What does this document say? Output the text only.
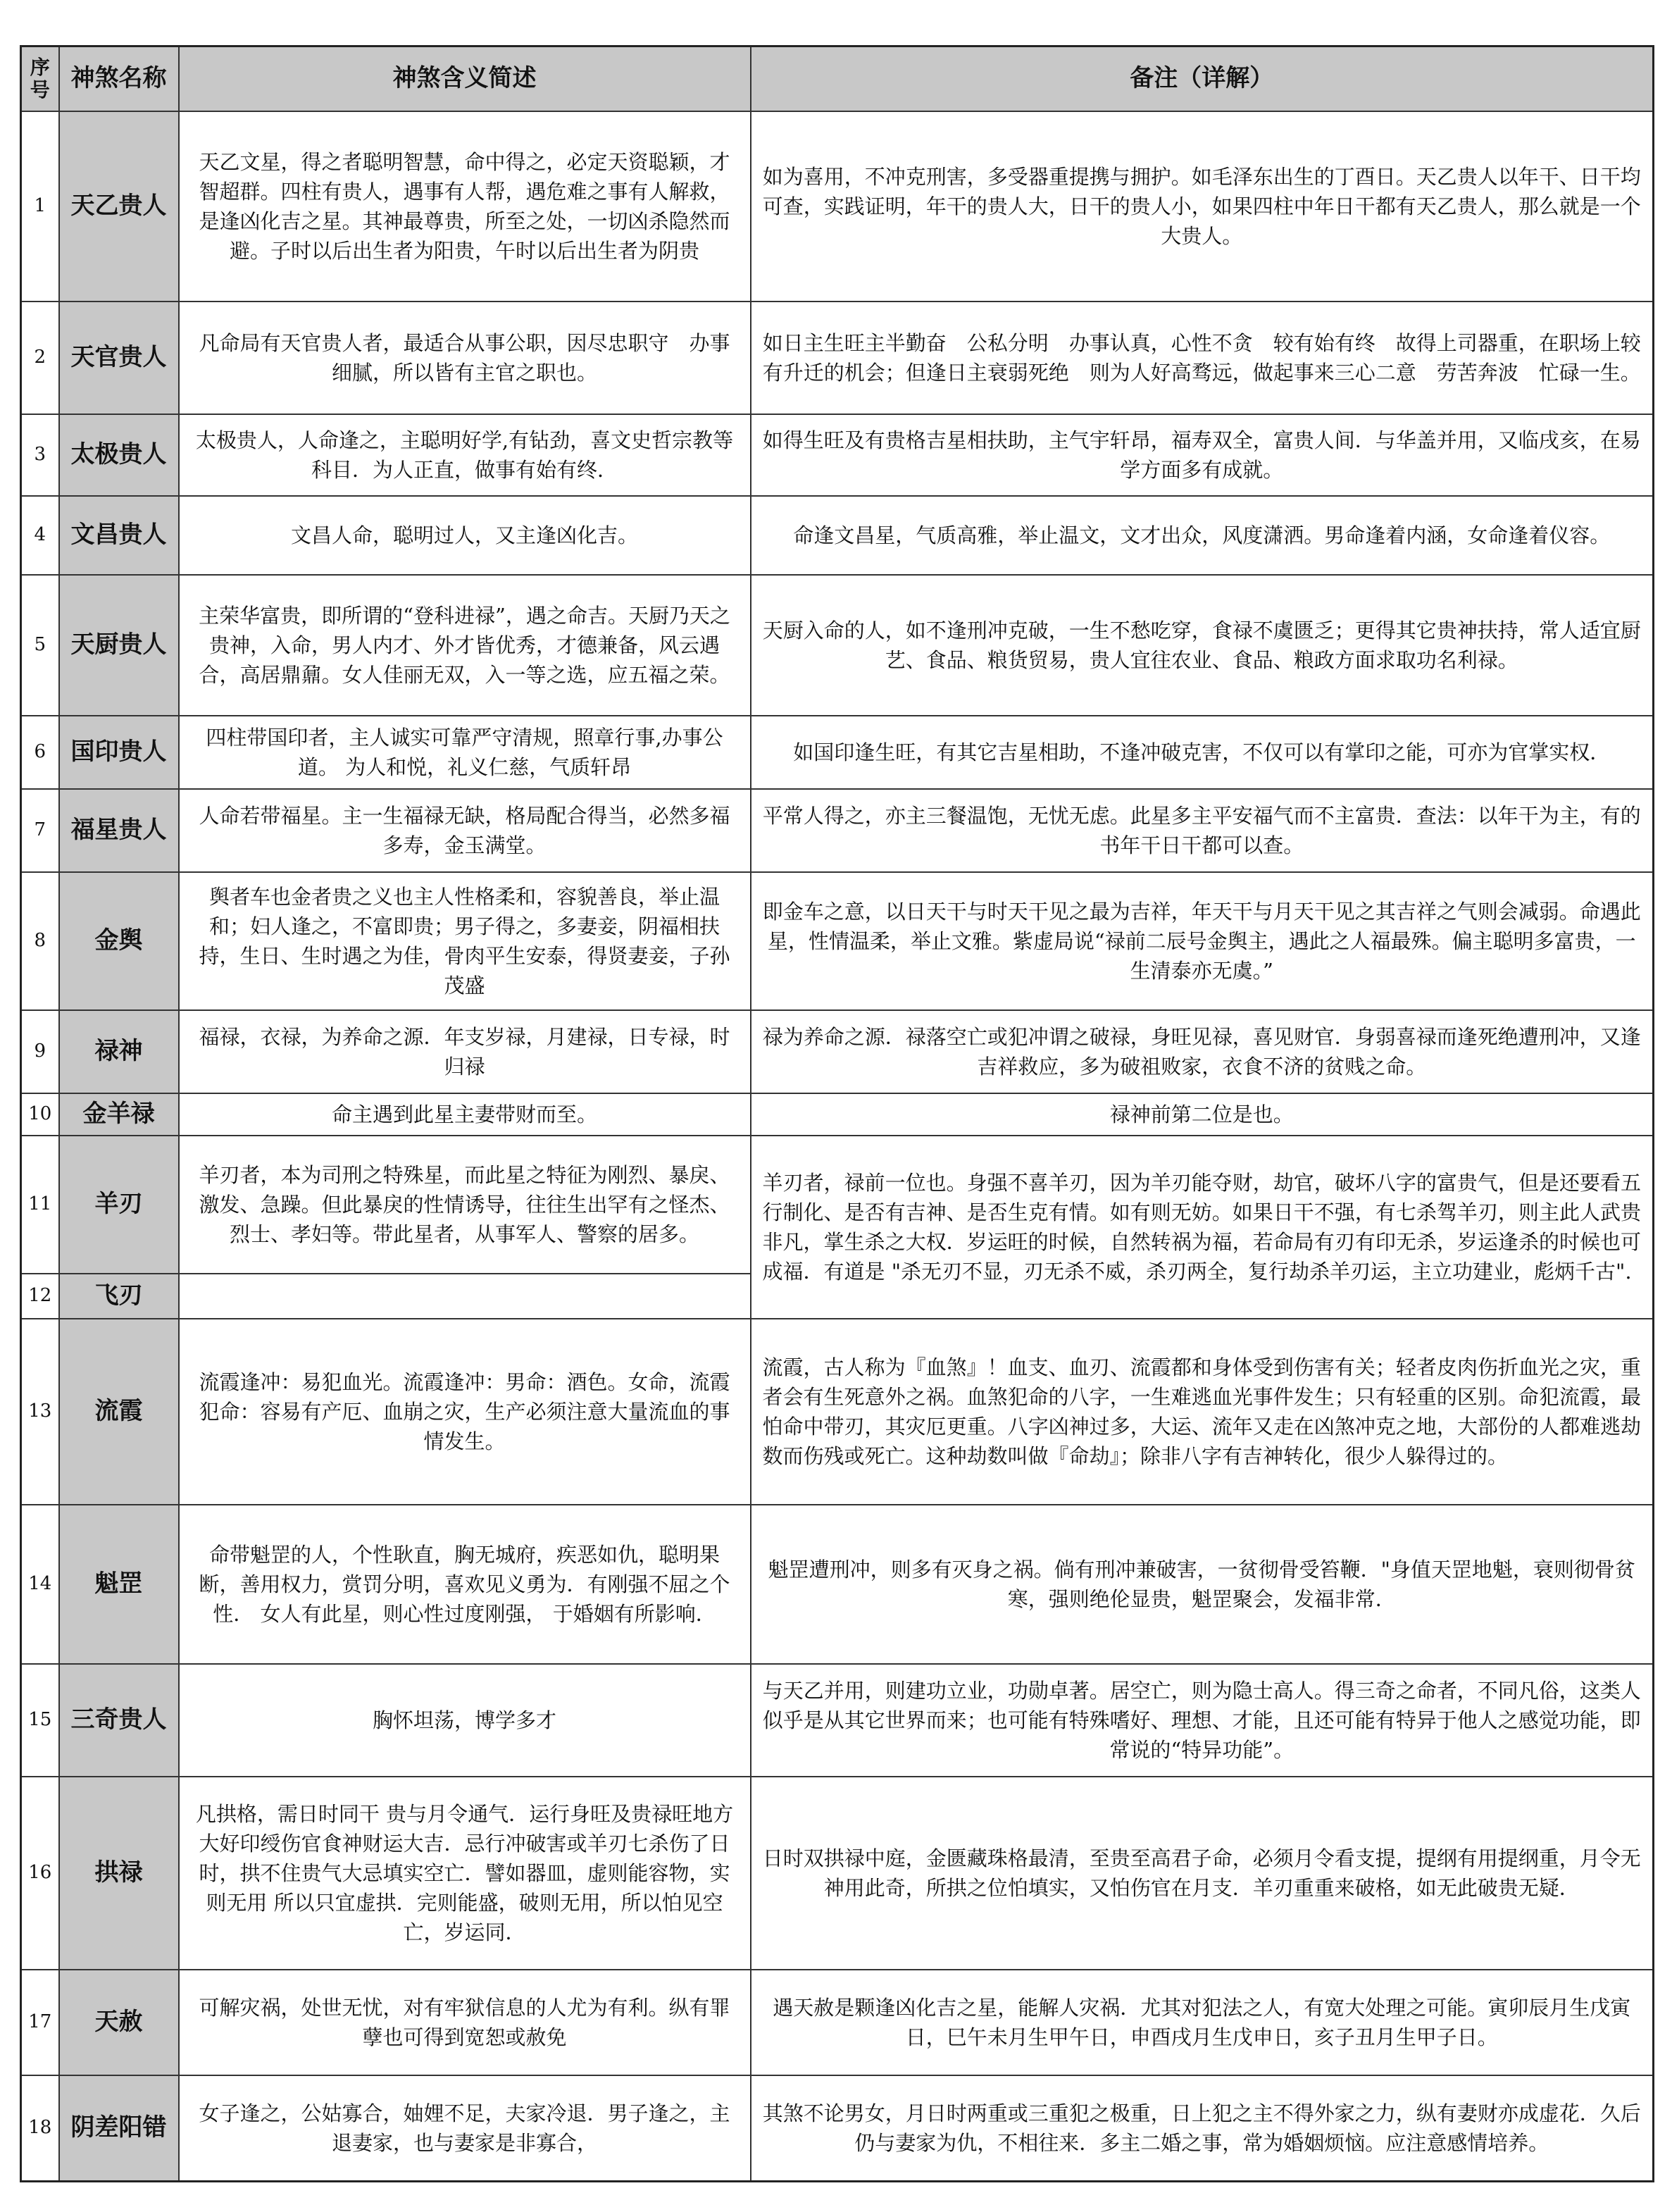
序号	神煞名称	神煞含义简述	备注（详解）
1	天乙贵人	天乙文星，得之者聪明智慧，命中得之，必定天资聪颖，才智超群。四柱有贵人，遇事有人帮，遇危难之事有人解救，是逢凶化吉之星。其神最尊贵，所至之处，一切凶杀隐然而避。子时以后出生者为阳贵，午时以后出生者为阴贵	如为喜用，不冲克刑害，多受器重提携与拥护。如毛泽东出生的丁酉日。天乙贵人以年干、日干均可查，实践证明，年干的贵人大，日干的贵人小，如果四柱中年日干都有天乙贵人，那么就是一个大贵人。
2	天官贵人	凡命局有天官贵人者，最适合从事公职，因尽忠职守　办事细腻，所以皆有主官之职也。	如日主生旺主半勤奋　公私分明　办事认真，心性不贪　较有始有终　故得上司器重，在职场上较有升迁的机会；但逢日主衰弱死绝　则为人好高骛远，做起事来三心二意　劳苦奔波　忙碌一生。
3	太极贵人	太极贵人，人命逢之，主聪明好学,有钻劲，喜文史哲宗教等科目．为人正直，做事有始有终．	如得生旺及有贵格吉星相扶助，主气宇轩昂，福寿双全，富贵人间．与华盖并用，又临戌亥，在易学方面多有成就。
4	文昌贵人	文昌人命，聪明过人，又主逢凶化吉。	命逢文昌星，气质高雅，举止温文，文才出众，风度潇洒。男命逢着内涵，女命逢着仪容。
5	天厨贵人	主荣华富贵，即所谓的“登科进禄”，遇之命吉。天厨乃天之贵神，入命，男人内才、外才皆优秀，才德兼备，风云遇合，高居鼎鼐。女人佳丽无双，入一等之选，应五福之荣。	天厨入命的人，如不逢刑冲克破，一生不愁吃穿，食禄不虞匮乏；更得其它贵神扶持，常人适宜厨艺、食品、粮货贸易，贵人宜往农业、食品、粮政方面求取功名利禄。
6	国印贵人	四柱带国印者，主人诚实可靠严守清规，照章行事,办事公道。 为人和悦，礼义仁慈，气质轩昂	如国印逢生旺，有其它吉星相助，不逢冲破克害，不仅可以有掌印之能，可亦为官掌实权．
7	福星贵人	人命若带福星。主一生福禄无缺，格局配合得当，必然多福多寿，金玉满堂。	平常人得之，亦主三餐温饱，无忧无虑。此星多主平安福气而不主富贵．查法：以年干为主，有的书年干日干都可以查。
8	金舆	舆者车也金者贵之义也主人性格柔和，容貌善良，举止温和；妇人逢之，不富即贵；男子得之，多妻妾，阴福相扶持，生日、生时遇之为佳，骨肉平生安泰，得贤妻妾，子孙茂盛	即金车之意，以日天干与时天干见之最为吉祥，年天干与月天干见之其吉祥之气则会减弱。命遇此星，性情温柔，举止文雅。紫虚局说“禄前二辰号金舆主，遇此之人福最殊。偏主聪明多富贵，一生清泰亦无虞。”
9	禄神	福禄，衣禄，为养命之源．年支岁禄，月建禄，日专禄，时归禄	禄为养命之源．禄落空亡或犯冲谓之破禄，身旺见禄，喜见财官．身弱喜禄而逢死绝遭刑冲，又逢吉祥救应，多为破祖败家，衣食不济的贫贱之命。
10	金羊禄	命主遇到此星主妻带财而至。	禄神前第二位是也。
11	羊刃	羊刃者，本为司刑之特殊星，而此星之特征为刚烈、暴戾、激发、急躁。但此暴戾的性情诱导，往往生出罕有之怪杰、烈士、孝妇等。带此星者，从事军人、警察的居多。	羊刃者，禄前一位也。身强不喜羊刃，因为羊刃能夺财，劫官，破坏八字的富贵气，但是还要看五行制化、是否有吉神、是否生克有情。如有则无妨。如果日干不强，有七杀驾羊刃，则主此人武贵非凡，掌生杀之大权．岁运旺的时候，自然转祸为福，若命局有刃有印无杀，岁运逢杀的时候也可成福．有道是 "杀无刃不显，刃无杀不威，杀刃两全，复行劫杀羊刃运，主立功建业，彪炳千古".
12	飞刃		
13	流霞	流霞逢冲：易犯血光。流霞逢冲：男命：酒色。女命，流霞犯命：容易有产厄、血崩之灾，生产必须注意大量流血的事情发生。	流霞，古人称为『血煞』！血支、血刃、流霞都和身体受到伤害有关；轻者皮肉伤折血光之灾，重者会有生死意外之祸。血煞犯命的八字，一生难逃血光事件发生；只有轻重的区别。命犯流霞，最怕命中带刃，其灾厄更重。八字凶神过多，大运、流年又走在凶煞冲克之地，大部份的人都难逃劫数而伤残或死亡。这种劫数叫做『命劫』；除非八字有吉神转化，很少人躲得过的。
14	魁罡	命带魁罡的人，个性耿直，胸无城府，疾恶如仇，聪明果断，善用权力，赏罚分明，喜欢见义勇为．有刚强不屈之个性． 女人有此星，则心性过度刚强， 于婚姻有所影响．	魁罡遭刑冲，则多有灭身之祸。倘有刑冲兼破害，一贫彻骨受笞鞭．"身值天罡地魁，衰则彻骨贫寒，强则绝伦显贵，魁罡聚会，发福非常．
15	三奇贵人	胸怀坦荡，博学多才	与天乙并用，则建功立业，功勋卓著。居空亡，则为隐士高人。得三奇之命者，不同凡俗，这类人似乎是从其它世界而来；也可能有特殊嗜好、理想、才能，且还可能有特异于他人之感觉功能，即常说的“特异功能”。
16	拱禄	凡拱格，需日时同干 贵与月令通气．运行身旺及贵禄旺地方大好印绶伤官食神财运大吉．忌行冲破害或羊刃七杀伤了日时，拱不住贵气大忌填实空亡．譬如器皿，虚则能容物，实则无用 所以只宜虚拱．完则能盛，破则无用，所以怕见空亡，岁运同．	日时双拱禄中庭，金匮藏珠格最清，至贵至高君子命，必须月令看支提，提纲有用提纲重，月令无神用此奇，所拱之位怕填实，又怕伤官在月支．羊刃重重来破格，如无此破贵无疑．
17	天赦	可解灾祸，处世无忧，对有牢狱信息的人尤为有利。纵有罪孽也可得到宽恕或赦免	遇天赦是颗逢凶化吉之星，能解人灾祸．尤其对犯法之人，有宽大处理之可能。寅卯辰月生戊寅日，巳午未月生甲午日，申酉戌月生戊申日，亥子丑月生甲子日。
18	阴差阳错	女子逢之，公姑寡合，妯娌不足，夫家冷退．男子逢之，主退妻家，也与妻家是非寡合，	其煞不论男女，月日时两重或三重犯之极重，日上犯之主不得外家之力，纵有妻财亦成虚花．久后仍与妻家为仇，不相往来．多主二婚之事，常为婚姻烦恼。应注意感情培养。
